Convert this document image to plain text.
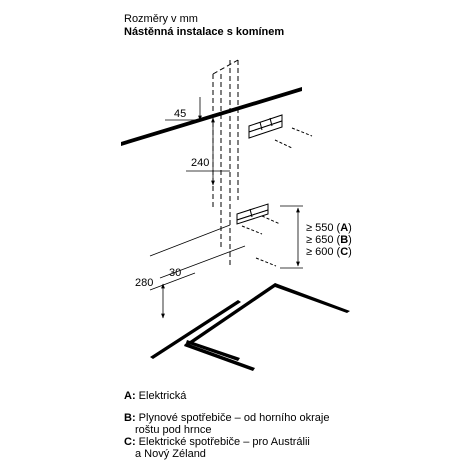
Rozměry v mm
Nástěnná instalace s komínem
45
240
280
30
≥ 550 (A)
≥ 650 (B)
≥ 600 (C)
A: Elektrická
B: Plynové spotřebiče – od horního okraje
roštu pod hrnce
C: Elektrické spotřebiče – pro Austrálii
a Nový Zéland
